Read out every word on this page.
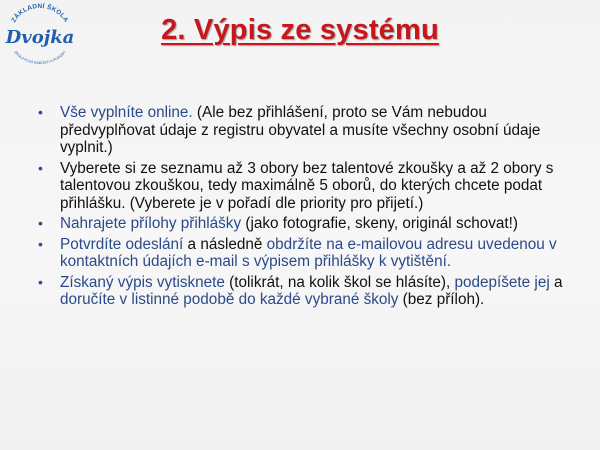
ZÁKLADNÍ ŠKOLA
Dvojka
ŠKOLA PLNÁ RADOSTI A POHODY
2. Výpis ze systému
• Vše vyplníte online. (Ale bez přihlášení, proto se Vám nebudou předvyplňovat údaje z registru obyvatel a musíte všechny osobní údaje vyplnit.)
• Vyberete si ze seznamu až 3 obory bez talentové zkoušky a až 2 obory s talentovou zkouškou, tedy maximálně 5 oborů, do kterých chcete podat přihlášku. (Vyberete je v pořadí dle priority pro přijetí.)
• Nahrajete přílohy přihlášky (jako fotografie, skeny, originál schovat!)
• Potvrdíte odeslání a následně obdržíte na e-mailovou adresu uvedenou v kontaktních údajích e-mail s výpisem přihlášky k vytištění.
• Získaný výpis vytisknete (tolikrát, na kolik škol se hlásíte), podepíšete jej a doručíte v listinné podobě do každé vybrané školy (bez příloh).
